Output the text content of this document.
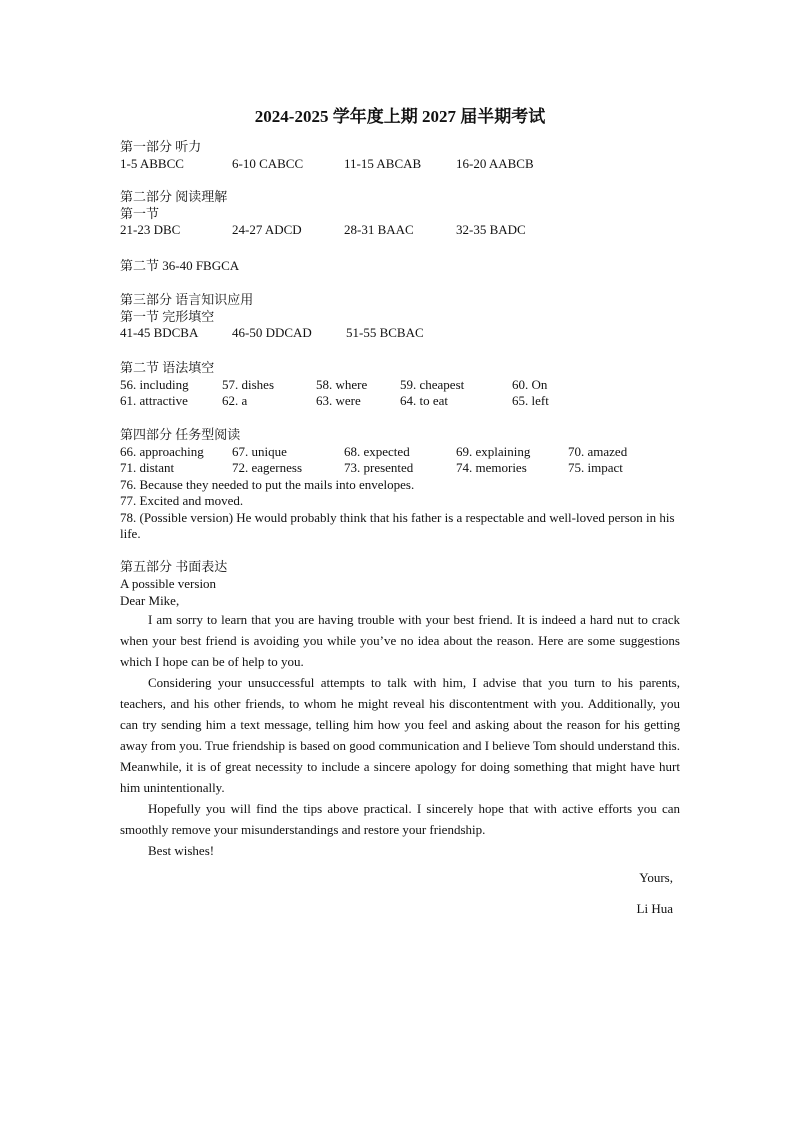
2024-2025 学年度上期 2027 届半期考试
第一部分 听力
1-5 ABBCC	6-10 CABCC	11-15 ABCAB	16-20 AABCB
第二部分 阅读理解
第一节
21-23 DBC	24-27 ADCD	28-31 BAAC	32-35 BADC
第二节 36-40 FBGCA
第三部分 语言知识应用
第一节 完形填空
41-45 BDCBA	46-50 DDCAD	51-55 BCBAC
第二节 语法填空
56. including	57. dishes	58. where	59. cheapest	60. On
61. attractive	62. a	63. were	64. to eat	65. left
第四部分 任务型阅读
66. approaching 67. unique	68. expected	69. explaining	70. amazed
71. distant	72. eagerness	73. presented	74. memories	75. impact
76. Because they needed to put the mails into envelopes.
77. Excited and moved.
78. (Possible version) He would probably think that his father is a respectable and well-loved person in his life.

第五部分 书面表达

A possible version

Dear Mike,

I am sorry to learn that you are having trouble with your best friend. It is indeed a hard nut to crack when your best friend is avoiding you while you’ve no idea about the reason. Here are some suggestions which I hope can be of help to you.

Considering your unsuccessful attempts to talk with him, I advise that you turn to his parents, teachers, and his other friends, to whom he might reveal his discontentment with you. Additionally, you can try sending him a text message, telling him how you feel and asking about the reason for his getting away from you. True friendship is based on good communication and I believe Tom should understand this. Meanwhile, it is of great necessity to include a sincere apology for doing something that might have hurt him unintentionally.

Hopefully you will find the tips above practical. I sincerely hope that with active efforts you can smoothly remove your misunderstandings and restore your friendship.

Best wishes!

Yours,
Li Hua
